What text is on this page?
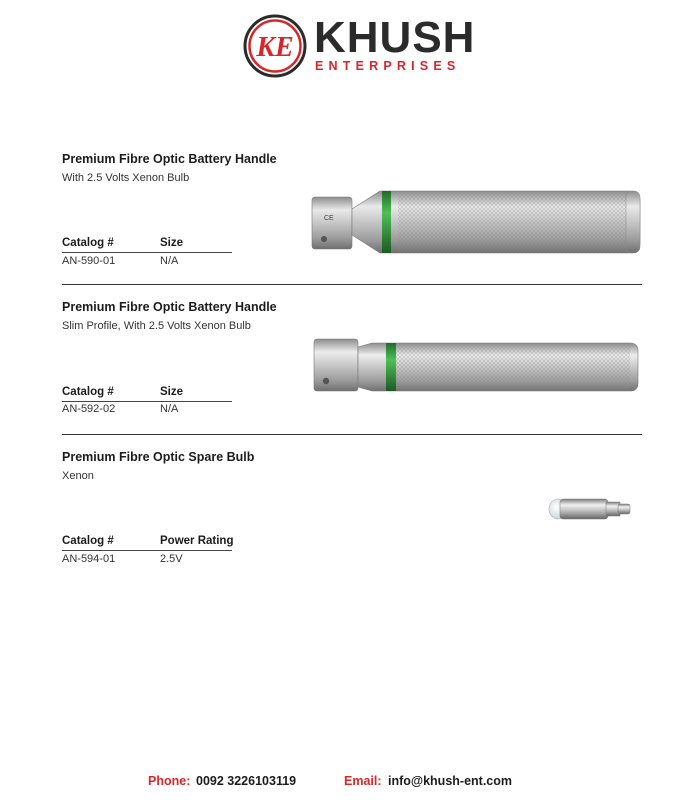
KE KHUSH
ENTERPRISES
Premium Fibre Optic Battery Handle
With 2.5 Volts Xenon Bulb
CE
Catalog #	Size
AN-590-01	N/A
Premium Fibre Optic Battery Handle
Slim Profile, With 2.5 Volts Xenon Bulb
Catalog #	Size
AN-592-02	N/A
Premium Fibre Optic Spare Bulb
Xenon
Catalog #	Power Rating
AN-594-01	2.5V
Phone: 0092 3226103119	Email: info@khush-ent.com
